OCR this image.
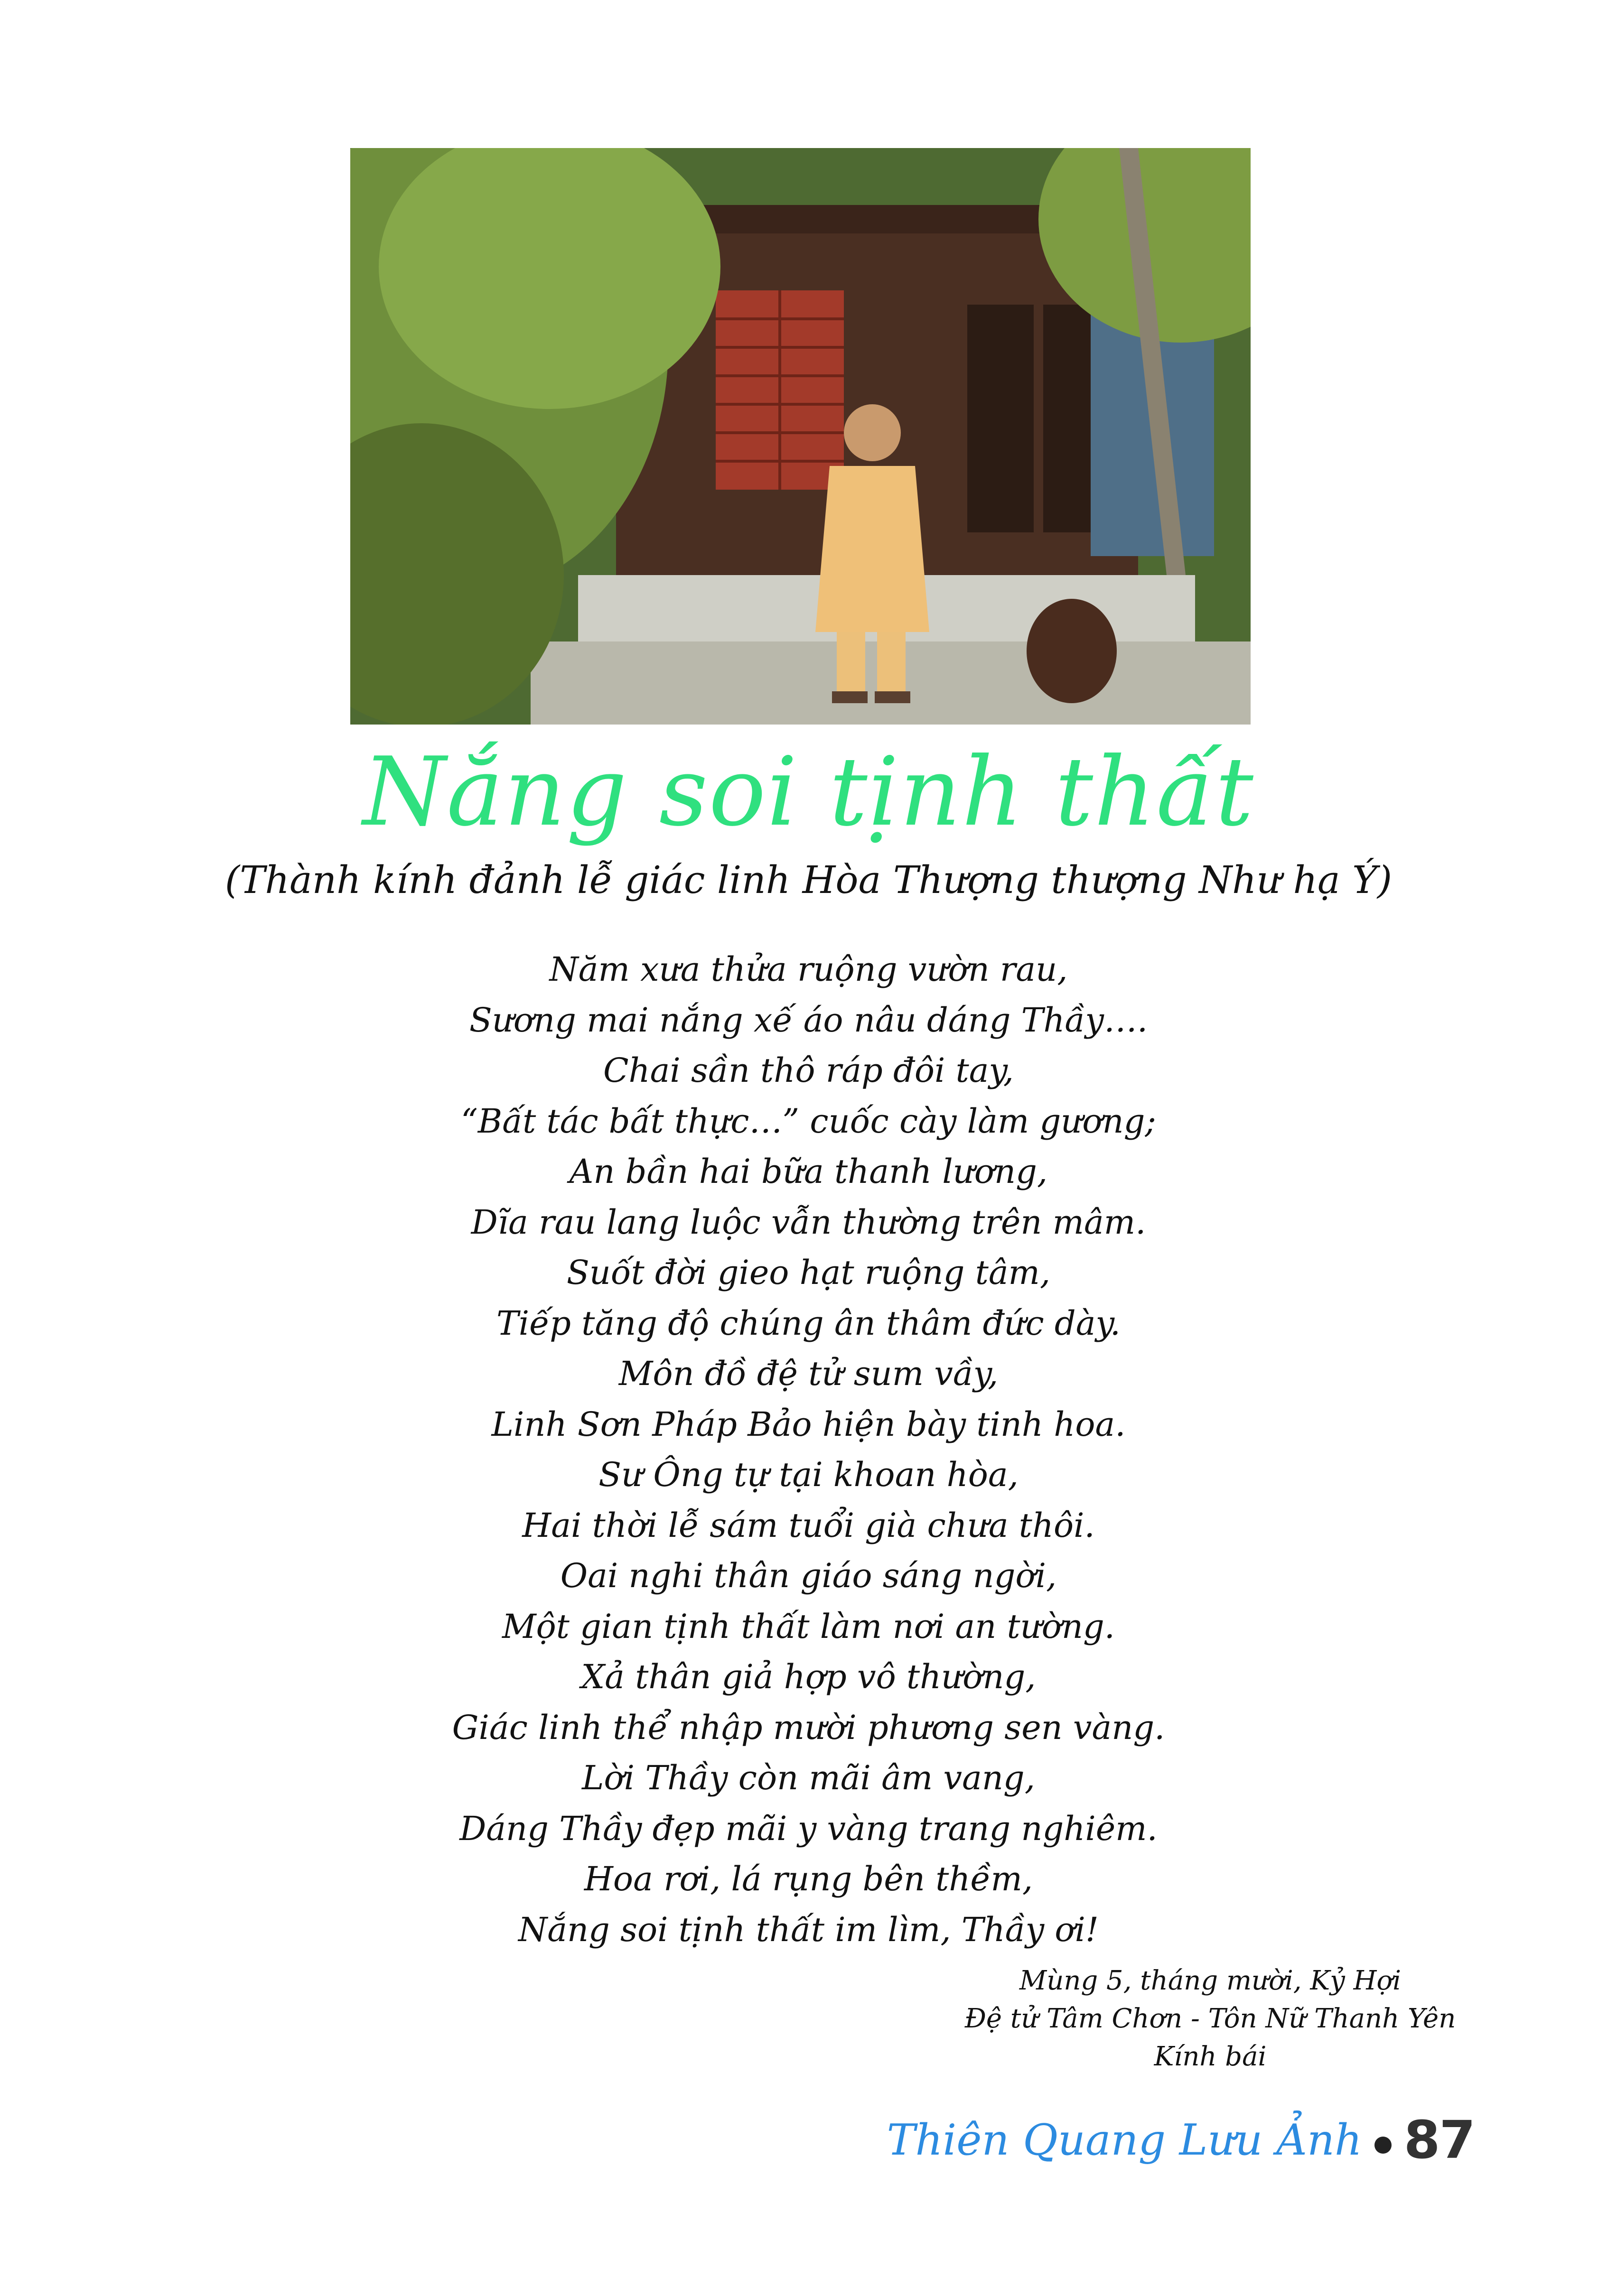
Nắng soi tịnh thất
(Thành kính đảnh lễ giác linh Hòa Thượng thượng Như hạ Ý)
Năm xưa thửa ruộng vườn rau,
Sương mai nắng xế áo nâu dáng Thầy….
Chai sần thô ráp đôi tay,
“Bất tác bất thực…” cuốc cày làm gương;
An bần hai bữa thanh lương,
Dĩa rau lang luộc vẫn thường trên mâm.
Suốt đời gieo hạt ruộng tâm,
Tiếp tăng độ chúng ân thâm đức dày.
Môn đồ đệ tử sum vầy,
Linh Sơn Pháp Bảo hiện bày tinh hoa.
Sư Ông tự tại khoan hòa,
Hai thời lễ sám tuổi già chưa thôi.
Oai nghi thân giáo sáng ngời,
Một gian tịnh thất làm nơi an tường.
Xả thân giả hợp vô thường,
Giác linh thể nhập mười phương sen vàng.
Lời Thầy còn mãi âm vang,
Dáng Thầy đẹp mãi y vàng trang nghiêm.
Hoa rơi, lá rụng bên thềm,
Nắng soi tịnh thất im lìm, Thầy ơi!
Mùng 5, tháng mười, Kỷ Hợi
Đệ tử Tâm Chơn - Tôn Nữ Thanh Yên
Kính bái
Thiên Quang Lưu Ảnh 87
